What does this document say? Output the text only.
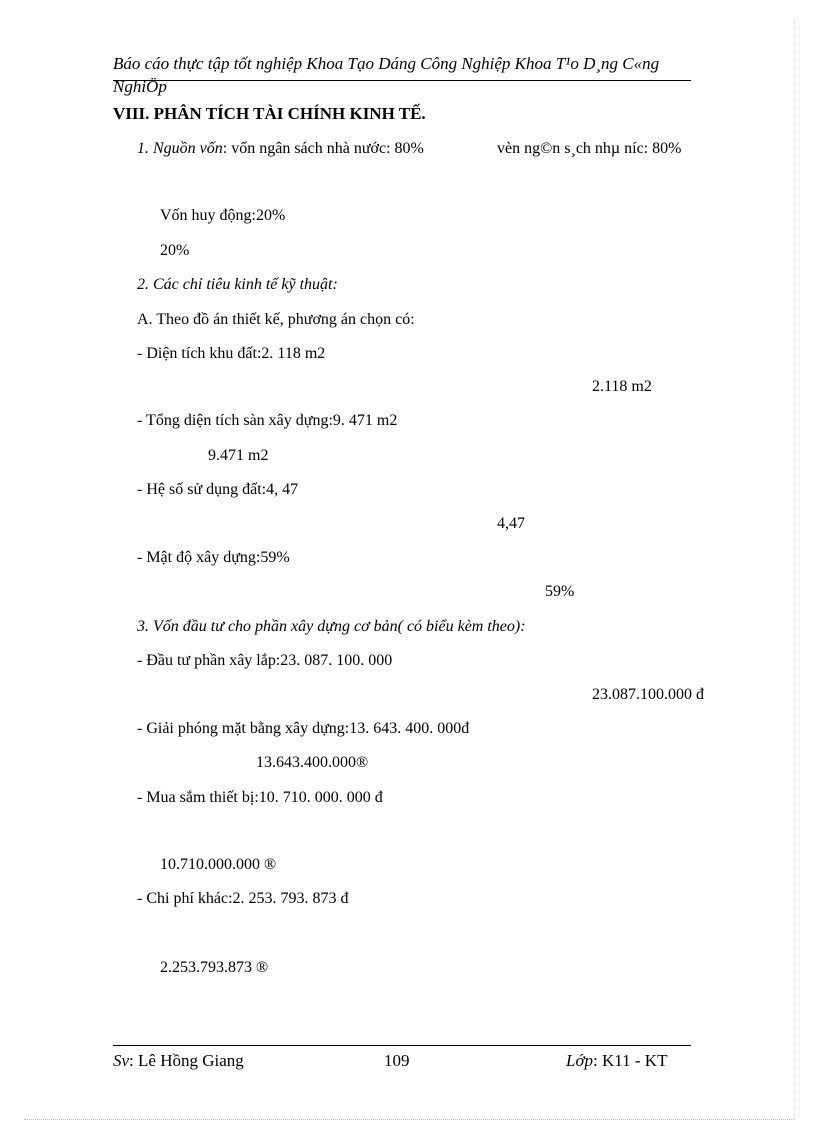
Báo cáo thực tập tốt nghiệp Khoa Tạo Dáng Công Nghiệp Khoa T¹o D¸ng C«ng
NghiÖp
VIII. PHÂN TÍCH TÀI CHÍNH KINH TẾ.
1. Nguồn vốn: vốn ngân sách nhà nước: 80%	vèn ng©n s¸ch nhµ níc: 80%
Vốn huy động:20%
20%
2. Các chỉ tiêu kinh tế kỹ thuật:
A. Theo đồ án thiết kế, phương án chọn có:
- Diện tích khu đất:2. 118 m2
2.118 m2
- Tổng diện tích sàn xây dựng:9. 471 m2
9.471 m2
- Hệ số sử dụng đất:4, 47
4,47
- Mật độ xây dựng:59%
59%
3. Vốn đầu tư cho phần xây dựng cơ bản( có biểu kèm theo):
- Đầu tư phần xây lắp:23. 087. 100. 000
23.087.100.000 đ
- Giải phóng mặt bằng xây dựng:13. 643. 400. 000đ
13.643.400.000®
- Mua sắm thiết bị:10. 710. 000. 000 đ
10.710.000.000 ®
- Chi phí khác:2. 253. 793. 873 đ
2.253.793.873 ®
Sv: Lê Hồng Giang	109	Lớp: K11 - KT
